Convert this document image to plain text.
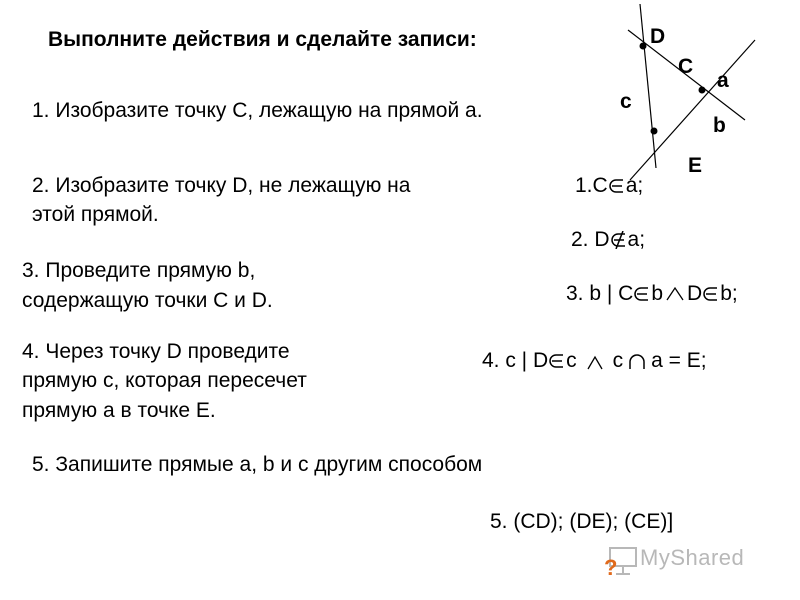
Выполните действия и сделайте записи:
1. Изобразите точку С, лежащую на прямой а.
2. Изобразите точку D, не лежащую на
этой прямой.
3. Проведите прямую b,
содержащую точки С и D.
4. Через точку D проведите
прямую с, которая пересечет
прямую а в точке Е.
5. Запишите прямые а, b и с другим способом
1.С а;
2. D а;
3. b | С b D b;
4. с | D с с а = Е;
5. (CD); (DE); (CE)]
D
C
a
c
b
E
? MyShared
